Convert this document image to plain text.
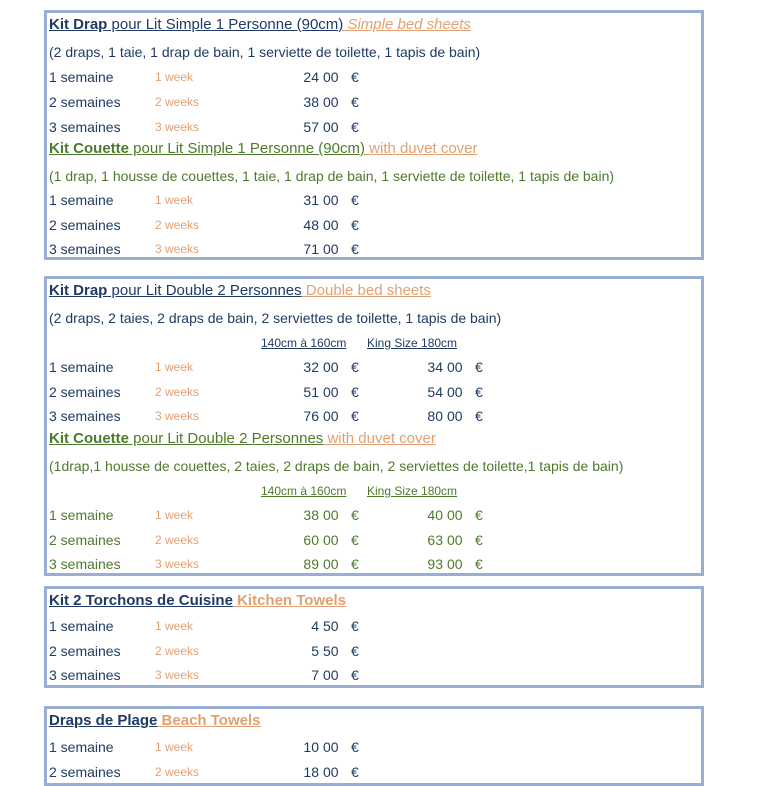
Kit Drap pour Lit Simple 1 Personne (90cm) Simple bed sheets
(2 draps, 1 taie, 1 drap de bain, 1 serviette de toilette, 1 tapis de bain)
1 semaine	1 week	24 00 €
2 semaines	2 weeks	38 00 €
3 semaines	3 weeks	57 00 €
Kit Couette pour Lit Simple 1 Personne (90cm) with duvet cover
(1 drap, 1 housse de couettes, 1 taie, 1 drap de bain, 1 serviette de toilette, 1 tapis de bain)
1 semaine	1 week	31 00 €
2 semaines	2 weeks	48 00 €
3 semaines	3 weeks	71 00 €
Kit Drap pour Lit Double 2 Personnes Double bed sheets
(2 draps, 2 taies, 2 draps de bain, 2 serviettes de toilette, 1 tapis de bain)
140cm à 160cm King Size 180cm
1 semaine	1 week	32 00 €	34 00 €
2 semaines	2 weeks	51 00 €	54 00 €
3 semaines	3 weeks	76 00 €	80 00 €
Kit Couette pour Lit Double 2 Personnes with duvet cover
(1drap,1 housse de couettes, 2 taies, 2 draps de bain, 2 serviettes de toilette,1 tapis de bain)
140cm à 160cm King Size 180cm
1 semaine	1 week	38 00 €	40 00 €
2 semaines	2 weeks	60 00 €	63 00 €
3 semaines	3 weeks	89 00 €	93 00 €
Kit 2 Torchons de Cuisine Kitchen Towels
1 semaine	1 week	4 50 €
2 semaines	2 weeks	5 50 €
3 semaines	3 weeks	7 00 €
Draps de Plage Beach Towels
1 semaine	1 week	10 00 €
2 semaines	2 weeks	18 00 €
